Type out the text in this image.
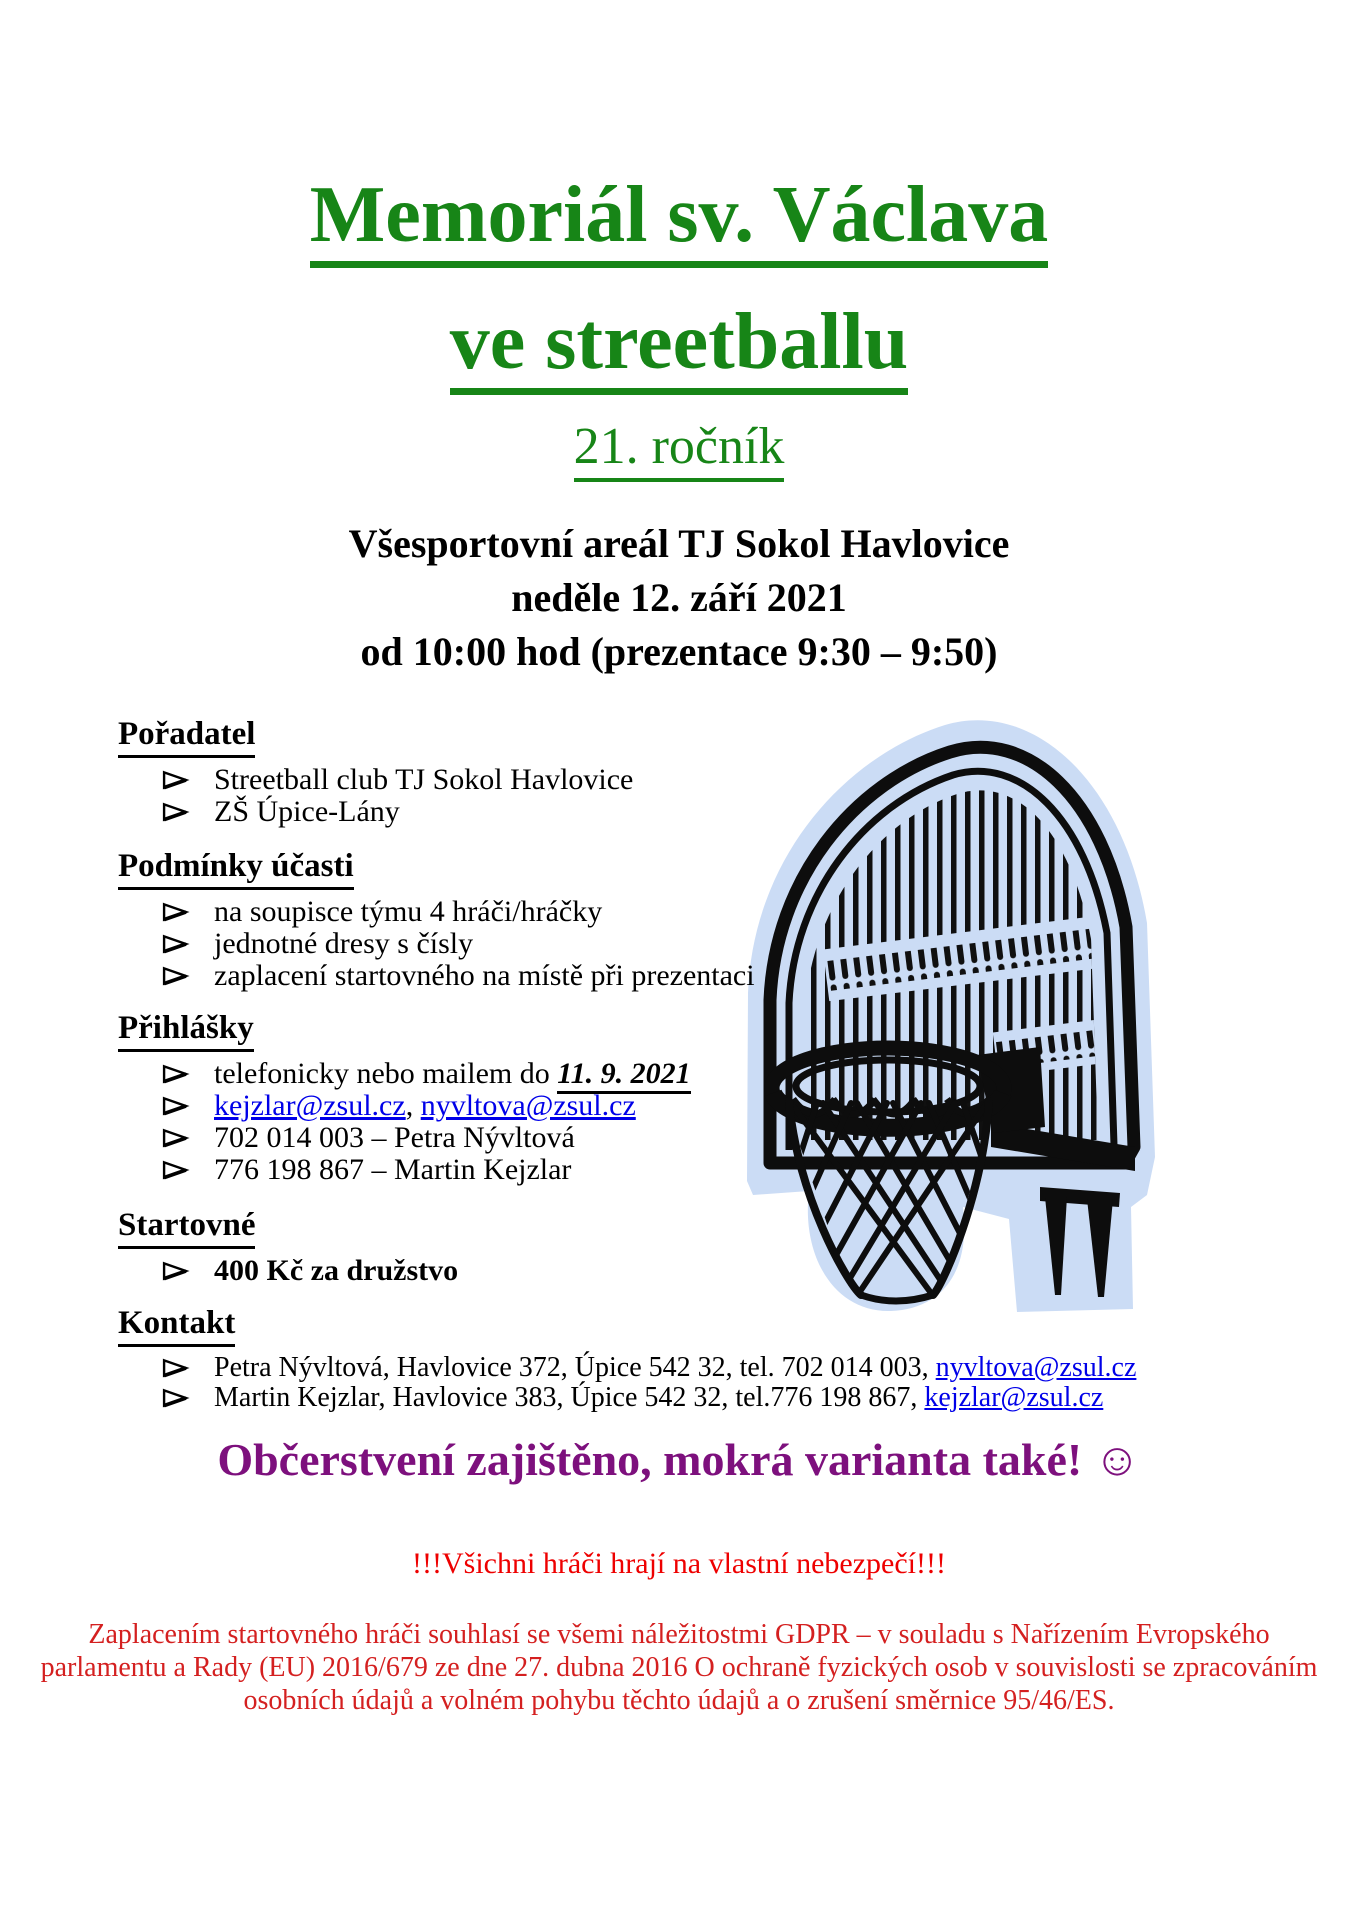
Memoriál sv. Václava
ve streetballu
21. ročník
Všesportovní areál TJ Sokol Havlovice
neděle 12. září 2021
od 10:00 hod (prezentace 9:30 – 9:50)
Pořadatel
Streetball club TJ Sokol Havlovice
ZŠ Úpice-Lány
Podmínky účasti
na soupisce týmu 4 hráči/hráčky
jednotné dresy s čísly
zaplacení startovného na místě při prezentaci
Přihlášky
telefonicky nebo mailem do 11. 9. 2021
kejzlar@zsul.cz, nyvltova@zsul.cz
702 014 003 – Petra Nývltová
776 198 867 – Martin Kejzlar
Startovné
400 Kč za družstvo
Kontakt
Petra Nývltová, Havlovice 372, Úpice 542 32, tel. 702 014 003, nyvltova@zsul.cz
Martin Kejzlar, Havlovice 383, Úpice 542 32, tel.776 198 867, kejzlar@zsul.cz
Občerstvení zajištěno, mokrá varianta také! ☺
!!!Všichni hráči hrají na vlastní nebezpečí!!!
Zaplacením startovného hráči souhlasí se všemi náležitostmi GDPR – v souladu s Nařízením Evropského parlamentu a Rady (EU) 2016/679 ze dne 27. dubna 2016 O ochraně fyzických osob v souvislosti se zpracováním osobních údajů a volném pohybu těchto údajů a o zrušení směrnice 95/46/ES.
